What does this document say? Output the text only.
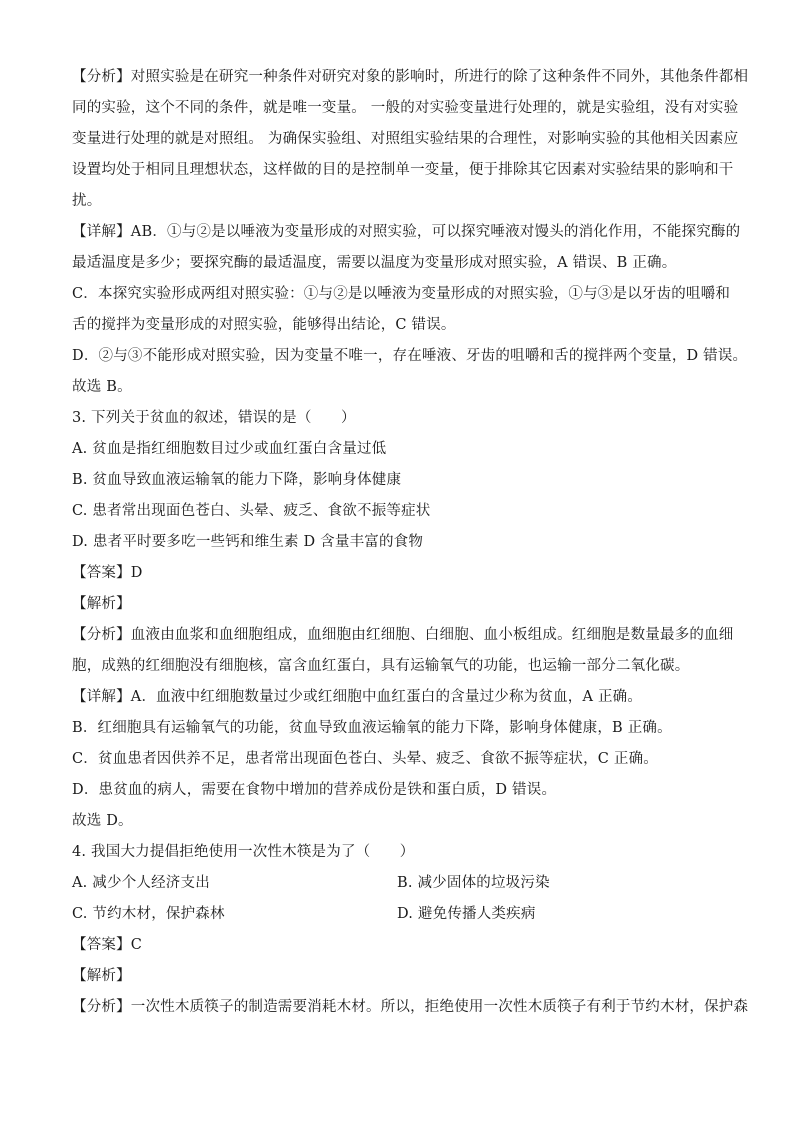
【分析】对照实验是在研究一种条件对研究对象的影响时，所进行的除了这种条件不同外，其他条件都相
同的实验，这个不同的条件，就是唯一变量。 一般的对实验变量进行处理的，就是实验组，没有对实验
变量进行处理的就是对照组。 为确保实验组、对照组实验结果的合理性，对影响实验的其他相关因素应
设置均处于相同且理想状态，这样做的目的是控制单一变量，便于排除其它因素对实验结果的影响和干
扰。
【详解】AB．①与②是以唾液为变量形成的对照实验，可以探究唾液对馒头的消化作用，不能探究酶的
最适温度是多少；要探究酶的最适温度，需要以温度为变量形成对照实验，A 错误、B 正确。
C．本探究实验形成两组对照实验：①与②是以唾液为变量形成的对照实验，①与③是以牙齿的咀嚼和
舌的搅拌为变量形成的对照实验，能够得出结论，C 错误。
D．②与③不能形成对照实验，因为变量不唯一，存在唾液、牙齿的咀嚼和舌的搅拌两个变量，D 错误。
故选 B。
3. 下列关于贫血的叙述，错误的是（　　）
A. 贫血是指红细胞数目过少或血红蛋白含量过低
B. 贫血导致血液运输氧的能力下降，影响身体健康
C. 患者常出现面色苍白、头晕、疲乏、食欲不振等症状
D. 患者平时要多吃一些钙和维生素 D 含量丰富的食物
【答案】D
【解析】
【分析】血液由血浆和血细胞组成，血细胞由红细胞、白细胞、血小板组成。红细胞是数量最多的血细
胞，成熟的红细胞没有细胞核，富含血红蛋白，具有运输氧气的功能，也运输一部分二氧化碳。
【详解】A．血液中红细胞数量过少或红细胞中血红蛋白的含量过少称为贫血，A 正确。
B．红细胞具有运输氧气的功能，贫血导致血液运输氧的能力下降，影响身体健康，B 正确。
C．贫血患者因供养不足，患者常出现面色苍白、头晕、疲乏、食欲不振等症状，C 正确。
D．患贫血的病人，需要在食物中增加的营养成份是铁和蛋白质，D 错误。
故选 D。
4. 我国大力提倡拒绝使用一次性木筷是为了（　　）
A. 减少个人经济支出	B. 减少固体的垃圾污染
C. 节约木材，保护森林	D. 避免传播人类疾病
【答案】C
【解析】
【分析】一次性木质筷子的制造需要消耗木材。所以，拒绝使用一次性木质筷子有利于节约木材，保护森
